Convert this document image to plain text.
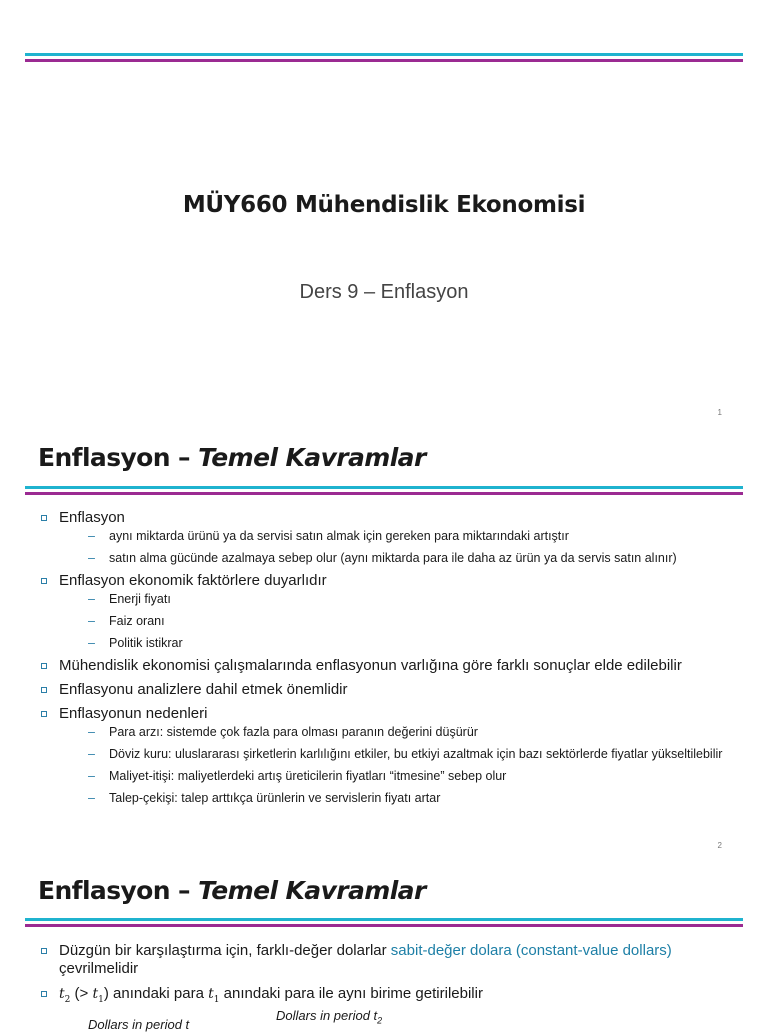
MÜY660 Mühendislik Ekonomisi
Ders 9 – Enflasyon
1
Enflasyon – Temel Kavramlar
Enflasyon
– aynı miktarda ürünü ya da servisi satın almak için gereken para miktarındaki artıştır
– satın alma gücünde azalmaya sebep olur (aynı miktarda para ile daha az ürün ya da servis satın alınır)
Enflasyon ekonomik faktörlere duyarlıdır
– Enerji fiyatı
– Faiz oranı
– Politik istikrar
Mühendislik ekonomisi çalışmalarında enflasyonun varlığına göre farklı sonuçlar elde edilebilir
Enflasyonu analizlere dahil etmek önemlidir
Enflasyonun nedenleri
– Para arzı: sistemde çok fazla para olması paranın değerini düşürür
– Döviz kuru: uluslararası şirketlerin karlılığını etkiler, bu etkiyi azaltmak için bazı sektörlerde fiyatlar yükseltilebilir
– Maliyet-itişi: maliyetlerdeki artış üreticilerin fiyatları “itmesine” sebep olur
– Talep-çekişi: talep arttıkça ürünlerin ve servislerin fiyatı artar
2
Enflasyon – Temel Kavramlar
Düzgün bir karşılaştırma için, farklı-değer dolarlar sabit-değer dolara (constant-value dollars)
çevrilmelidir
$t_2$ (> $t_1$) anındaki para $t_1$ anındaki para ile aynı birime getirilebilir
Dollars in period $t_2$
Dollars in period t
